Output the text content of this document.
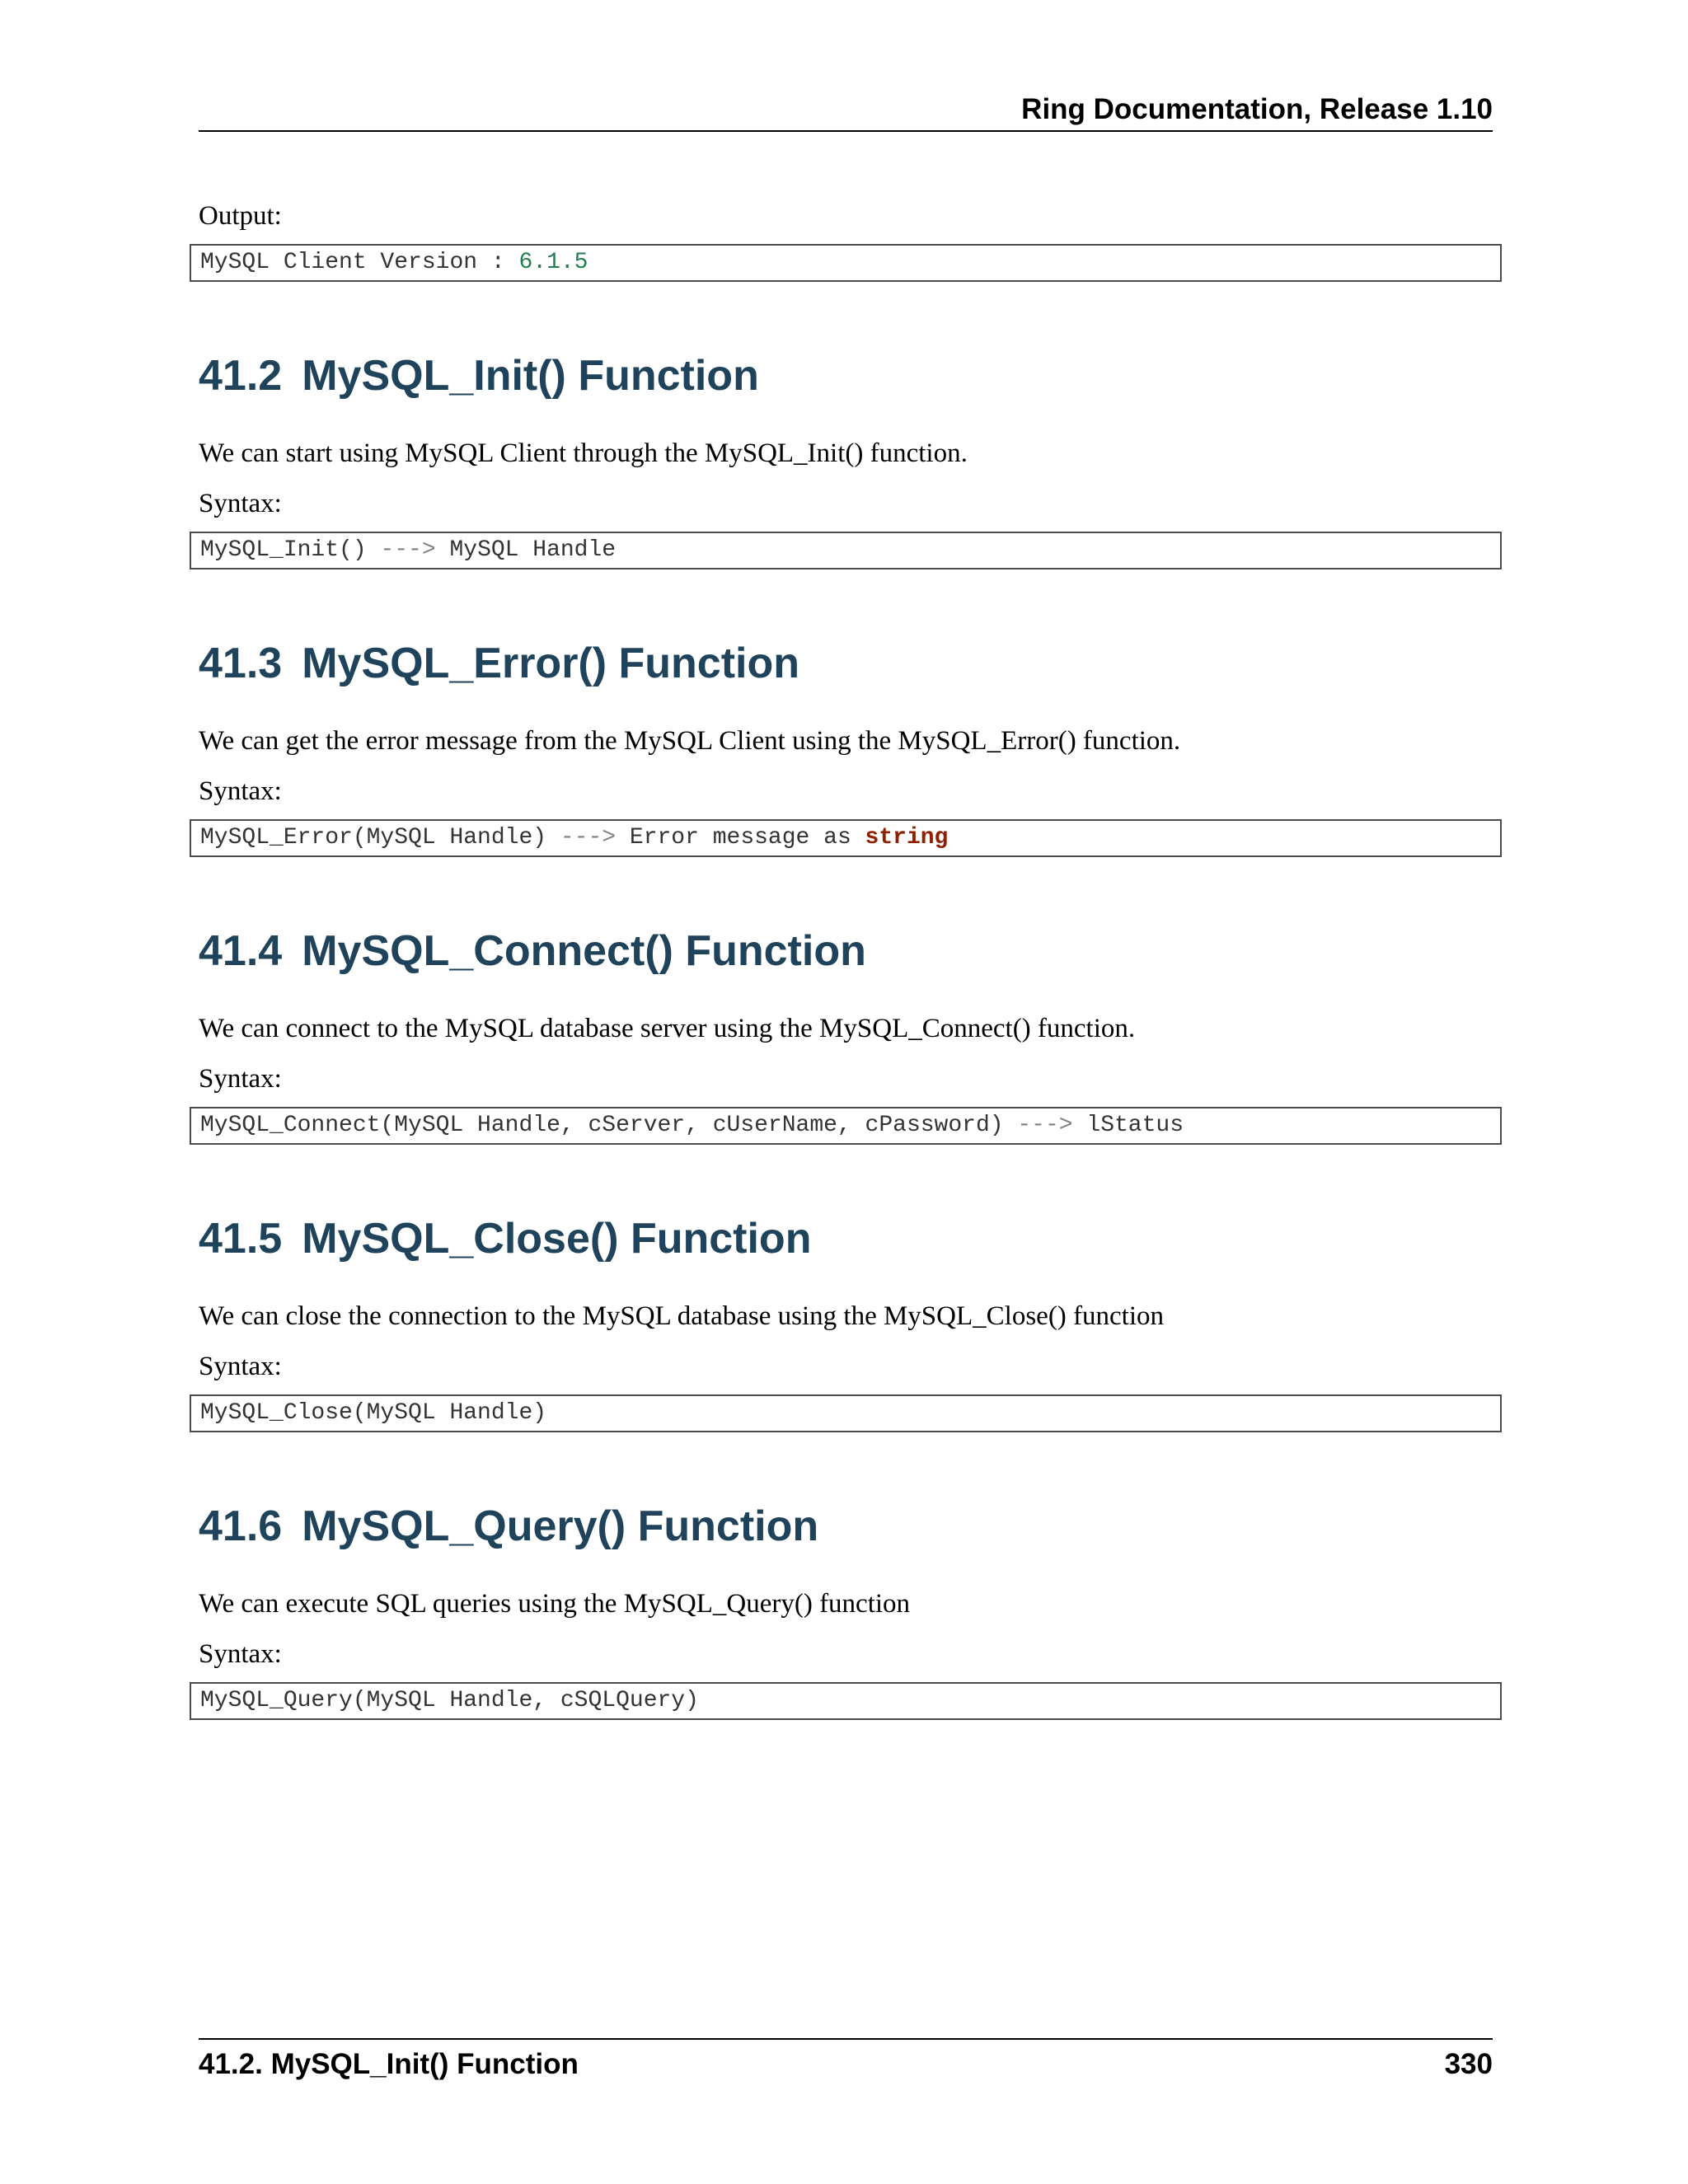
Ring Documentation, Release 1.10

Output:

MySQL Client Version : 6.1.5
41.2 MySQL_Init() Function

We can start using MySQL Client through the MySQL_Init() function.

Syntax:

MySQL_Init() ---> MySQL Handle
41.3 MySQL_Error() Function

We can get the error message from the MySQL Client using the MySQL_Error() function.

Syntax:

MySQL_Error(MySQL Handle) ---> Error message as string
41.4 MySQL_Connect() Function

We can connect to the MySQL database server using the MySQL_Connect() function.

Syntax:

MySQL_Connect(MySQL Handle, cServer, cUserName, cPassword) ---> lStatus
41.5 MySQL_Close() Function

We can close the connection to the MySQL database using the MySQL_Close() function

Syntax:

MySQL_Close(MySQL Handle)
41.6 MySQL_Query() Function

We can execute SQL queries using the MySQL_Query() function

Syntax:

MySQL_Query(MySQL Handle, cSQLQuery)
41.2. MySQL_Init() Function	330
